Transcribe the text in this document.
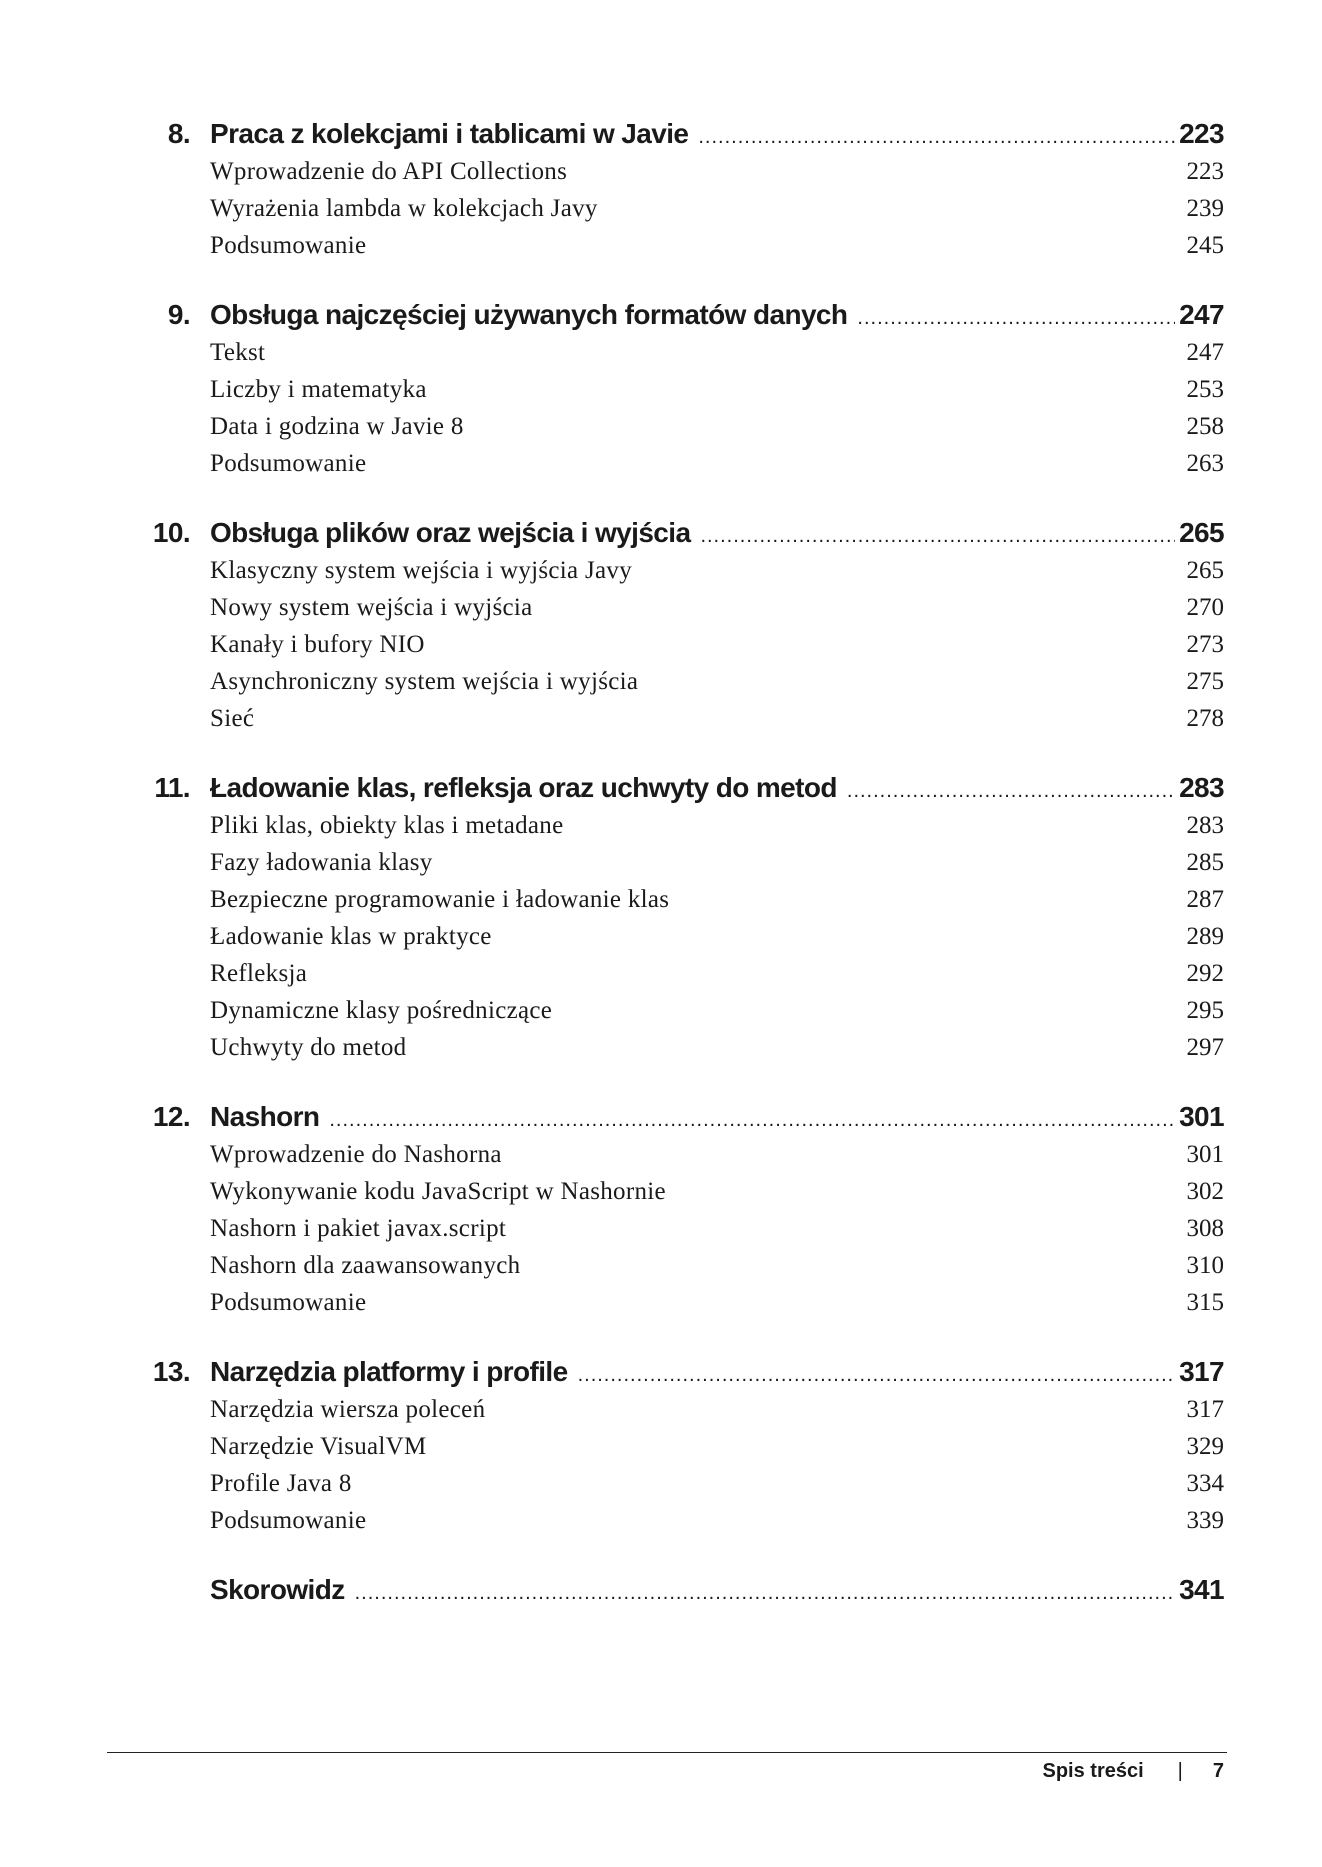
8. Praca z kolekcjami i tablicami w Javie .....	223
Wprowadzenie do API Collections	223
Wyrażenia lambda w kolekcjach Javy	239
Podsumowanie	245
9. Obsługa najczęściej używanych formatów danych .....	247
Tekst	247
Liczby i matematyka	253
Data i godzina w Javie 8	258
Podsumowanie	263
10. Obsługa plików oraz wejścia i wyjścia .....	265
Klasyczny system wejścia i wyjścia Javy	265
Nowy system wejścia i wyjścia	270
Kanały i bufory NIO	273
Asynchroniczny system wejścia i wyjścia	275
Sieć	278
11. Ładowanie klas, refleksja oraz uchwyty do metod .....	283
Pliki klas, obiekty klas i metadane	283
Fazy ładowania klasy	285
Bezpieczne programowanie i ładowanie klas	287
Ładowanie klas w praktyce	289
Refleksja	292
Dynamiczne klasy pośredniczące	295
Uchwyty do metod	297
12. Nashorn .....	301
Wprowadzenie do Nashorna	301
Wykonywanie kodu JavaScript w Nashornie	302
Nashorn i pakiet javax.script	308
Nashorn dla zaawansowanych	310
Podsumowanie	315
13. Narzędzia platformy i profile .....	317
Narzędzia wiersza poleceń	317
Narzędzie VisualVM	329
Profile Java 8	334
Podsumowanie	339
Skorowidz .....	341
Spis treści | 7
